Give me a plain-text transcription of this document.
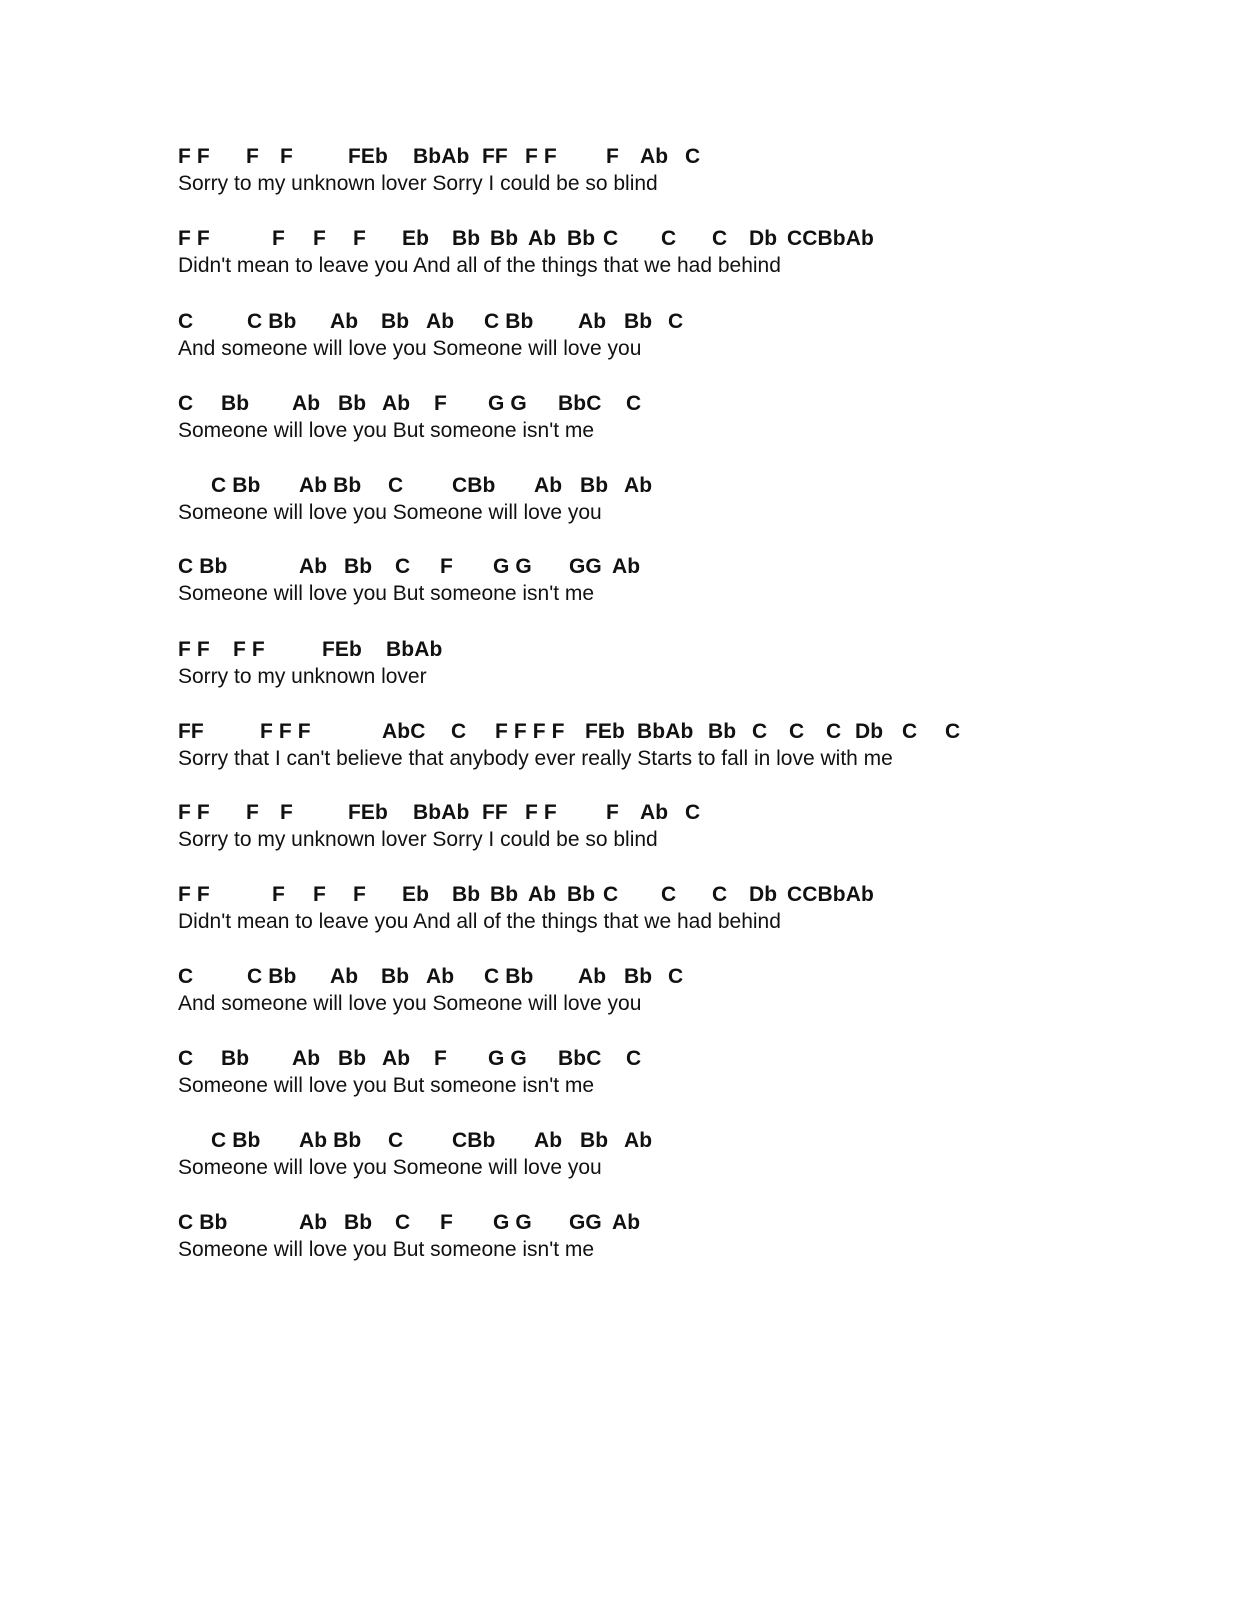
F F F F	FEb BbAb FF F F F Ab C
Sorry to my unknown lover Sorry I could be so blind
F F	F F F Eb Bb Bb Ab Bb C C C Db CCBbAb
Didn't mean to leave you And all of the things that we had behind
C	C Bb Ab Bb Ab C Bb Ab Bb C
And someone will love you Someone will love you
C Bb Ab Bb Ab F G G BbC C
Someone will love you But someone isn't me
C Bb Ab Bb C CBb Ab Bb Ab
Someone will love you Someone will love you
C Bb	Ab Bb C F G G GG Ab
Someone will love you But someone isn't me
F F F F	FEb BbAb
Sorry to my unknown lover
FF	F F F	AbC C F F F F FEb BbAb Bb C C C Db C C
Sorry that I can't believe that anybody ever really Starts to fall in love with me
F F F F	FEb BbAb FF F F F Ab C
Sorry to my unknown lover Sorry I could be so blind
F F	F F F Eb Bb Bb Ab Bb C C C Db CCBbAb
Didn't mean to leave you And all of the things that we had behind
C	C Bb Ab Bb Ab C Bb Ab Bb C
And someone will love you Someone will love you
C Bb Ab Bb Ab F G G BbC C
Someone will love you But someone isn't me
C Bb Ab Bb C CBb Ab Bb Ab
Someone will love you Someone will love you
C Bb	Ab Bb C F G G GG Ab
Someone will love you But someone isn't me
